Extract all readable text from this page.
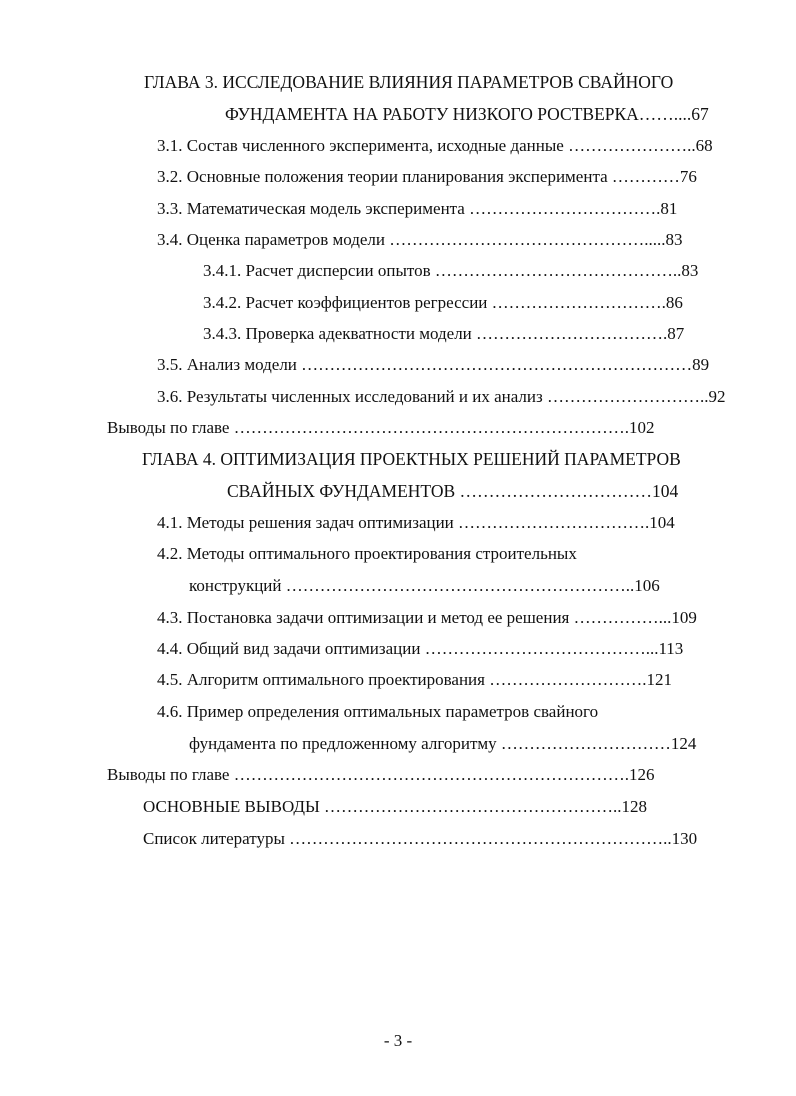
ГЛАВА 3. ИССЛЕДОВАНИЕ ВЛИЯНИЯ ПАРАМЕТРОВ СВАЙНОГО
ФУНДАМЕНТА НА РАБОТУ НИЗКОГО РОСТВЕРКА……....67
3.1. Состав численного эксперимента, исходные данные …………………..68
3.2. Основные положения теории планирования эксперимента …………76
3.3. Математическая модель эксперимента …………………………….81
3.4. Оценка параметров модели ……………………………………….....83
3.4.1. Расчет дисперсии опытов ……………………………………..83
3.4.2. Расчет коэффициентов регрессии ………………………….86
3.4.3. Проверка адекватности модели …………………………….87
3.5. Анализ модели ……………………………………………………………89
3.6. Результаты численных исследований и их анализ ………………………..92
Выводы по главе …………………………………………………………….102
ГЛАВА 4. ОПТИМИЗАЦИЯ ПРОЕКТНЫХ РЕШЕНИЙ ПАРАМЕТРОВ
СВАЙНЫХ ФУНДАМЕНТОВ ……………………………104
4.1. Методы решения задач оптимизации …………………………….104
4.2. Методы оптимального проектирования строительных
конструкций ……………………………………………………..106
4.3. Постановка задачи оптимизации и метод ее решения ……………...109
4.4. Общий вид задачи оптимизации …………………………………...113
4.5. Алгоритм оптимального проектирования ……………………….121
4.6. Пример определения оптимальных параметров свайного
фундамента по предложенному алгоритму …………………………124
Выводы по главе …………………………………………………………….126
ОСНОВНЫЕ ВЫВОДЫ ……………………………………………..128
Список литературы …………………………………………………………..130
- 3 -
